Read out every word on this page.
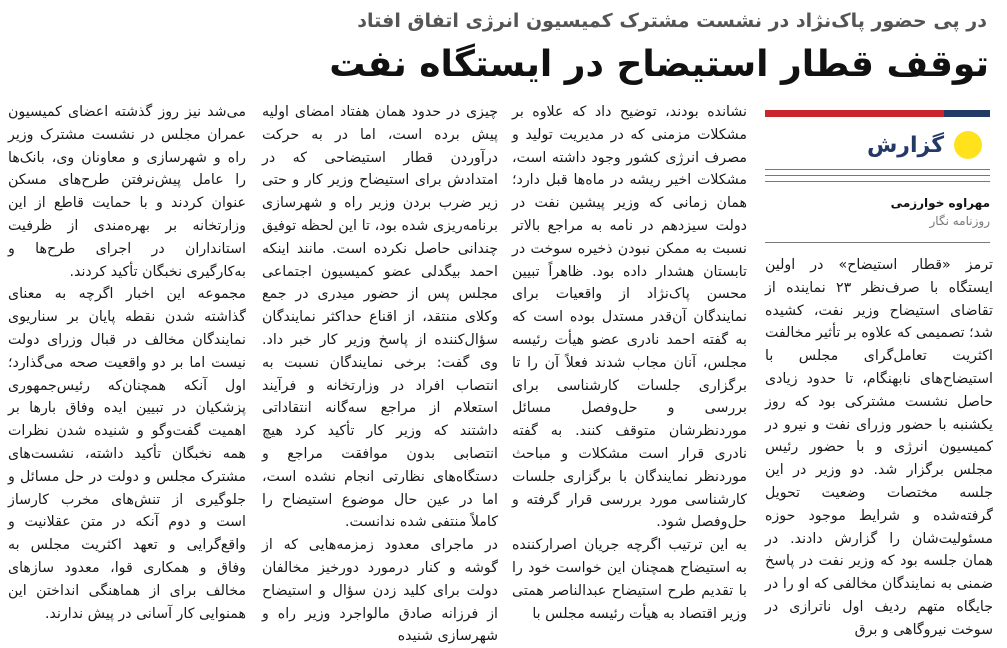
در پی حضور پاک‌نژاد در نشست مشترک کمیسیون انرژی اتفاق افتاد
توقف قطار استیضاح در ایستگاه نفت
گزارش
مهراوه خوارزمی
روزنامه نگار

ترمز «قطار استیضاح» در اولین ایستگاه با صرف‌نظر ۲۳ نماینده از تقاضای استیضاح وزیر نفت، کشیده شد؛ تصمیمی که علاوه بر تأثیر مخالفت اکثریت تعامل‌گرای مجلس با استیضاح‌های نابهنگام، تا حدود زیادی حاصل نشست مشترکی بود که روز یکشنبه با حضور وزرای نفت و نیرو در کمیسیون انرژی و با حضور رئیس مجلس برگزار شد. دو وزیر در این جلسه مختصات وضعیت تحویل گرفته‌شده و شرایط موجود حوزه مسئولیت‌شان را گزارش دادند. در همان جلسه بود که وزیر نفت در پاسخ ضمنی به نمایندگان مخالفی که او را در جایگاه متهم ردیف اول ناترازی در سوخت نیروگاهی و برق

نشانده بودند، توضیح داد که علاوه بر مشکلات مزمنی که در مدیریت تولید و مصرف انرژی کشور وجود داشته است، مشکلات اخیر ریشه در ماه‌ها قبل دارد؛ همان زمانی که وزیر پیشین نفت در دولت سیزدهم در نامه به مراجع بالاتر نسبت به ممکن نبودن ذخیره سوخت در تابستان هشدار داده بود. ظاهراً تبیین محسن پاک‌نژاد از واقعیات برای نمایندگان آن‌قدر مستدل بوده است که به گفته احمد نادری عضو هیأت رئیسه مجلس، آنان مجاب شدند فعلاً آن را تا برگزاری جلسات کارشناسی برای بررسی و حل‌وفصل مسائل موردنظرشان متوقف کنند. به گفته نادری قرار است مشکلات و مباحث موردنظر نمایندگان با برگزاری جلسات کارشناسی مورد بررسی قرار گرفته و حل‌وفصل شود.

به این ترتیب اگرچه جریان اصرارکننده به استیضاح همچنان این خواست خود را با تقدیم طرح استیضاح عبدالناصر همتی وزیر اقتصاد به هیأت رئیسه مجلس با

چیزی در حدود همان هفتاد امضای اولیه پیش برده است، اما در به حرکت درآوردن قطار استیضاحی که در امتدادش برای استیضاح وزیر کار و حتی زیر ضرب بردن وزیر راه و شهرسازی برنامه‌ریزی شده بود، تا این لحظه توفیق چندانی حاصل نکرده است. مانند اینکه احمد بیگدلی عضو کمیسیون اجتماعی مجلس پس از حضور میدری در جمع وکلای منتقد، از اقناع حداکثر نمایندگان سؤال‌کننده از پاسخ وزیر کار خبر داد. وی گفت: برخی نمایندگان نسبت به انتصاب افراد در وزارتخانه و فرآیند استعلام از مراجع سه‌گانه انتقاداتی داشتند که وزیر کار تأکید کرد هیچ انتصابی بدون موافقت مراجع و دستگاه‌های نظارتی انجام نشده است، اما در عین حال موضوع استیضاح را کاملاً منتفی شده ندانست.

در ماجرای معدود زمزمه‌هایی که از گوشه و کنار درمورد دورخیز مخالفان دولت برای کلید زدن سؤال و استیضاح از فرزانه صادق مالواجرد وزیر راه و شهرسازی شنیده

می‌شد نیز روز گذشته اعضای کمیسیون عمران مجلس در نشست مشترک وزیر راه و شهرسازی و معاونان وی، بانک‌ها را عامل پیش‌نرفتن طرح‌های مسکن عنوان کردند و با حمایت قاطع از این وزارتخانه بر بهره‌مندی از ظرفیت استانداران در اجرای طرح‌ها و به‌کارگیری نخبگان تأکید کردند.

مجموعه این اخبار اگرچه به معنای گذاشته شدن نقطه پایان بر سناریوی نمایندگان مخالف در قبال وزرای دولت نیست اما بر دو واقعیت صحه می‌گذارد؛ اول آنکه همچنان‌که رئیس‌جمهوری پزشکیان در تبیین ایده وفاق بارها بر اهمیت گفت‌وگو و شنیده شدن نظرات همه نخبگان تأکید داشته، نشست‌های مشترک مجلس و دولت در حل مسائل و جلوگیری از تنش‌های مخرب کارساز است و دوم آنکه در متن عقلانیت و واقع‌گرایی و تعهد اکثریت مجلس به وفاق و همکاری قوا، معدود سازهای مخالف برای از هماهنگی انداختن این همنوایی کار آسانی در پیش ندارند.
